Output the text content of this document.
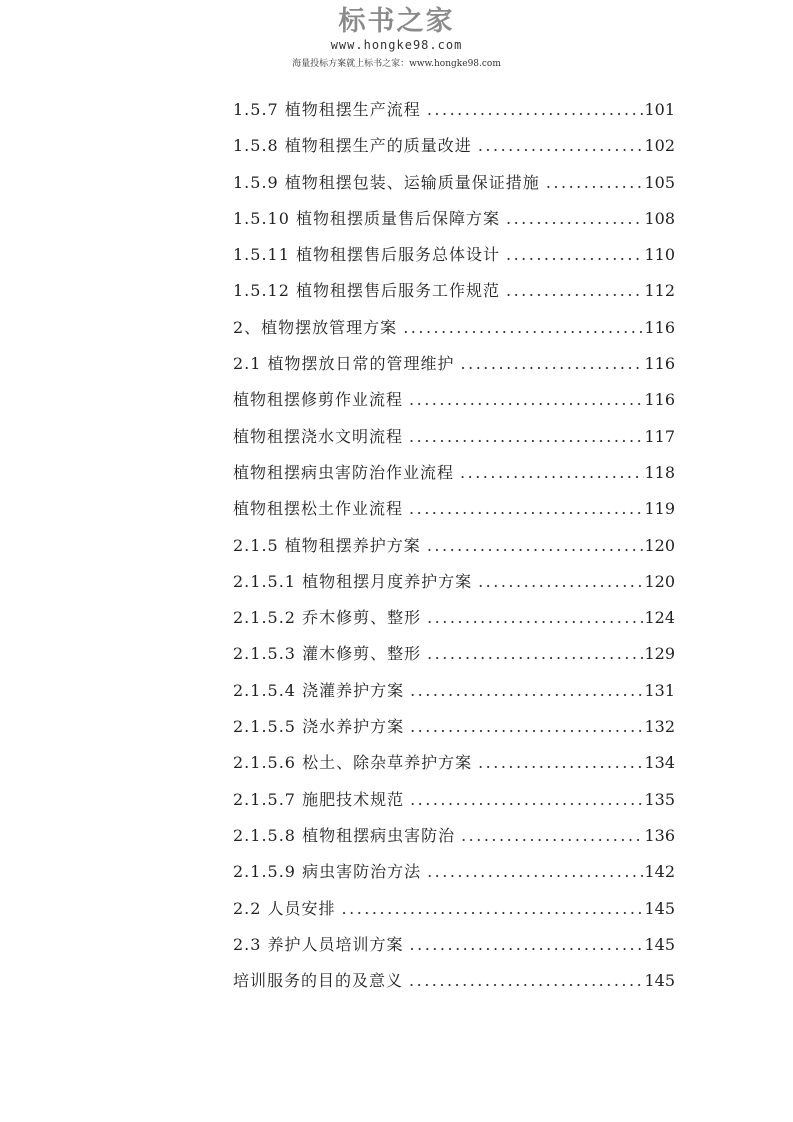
标书之家
www.hongke98.com
海量投标方案就上标书之家：www.hongke98.com
1.5.7 植物租摆生产流程 .....	101
1.5.8 植物租摆生产的质量改进 .....	102
1.5.9 植物租摆包装、运输质量保证措施 .....	105
1.5.10 植物租摆质量售后保障方案 .....	108
1.5.11 植物租摆售后服务总体设计 .....	110
1.5.12 植物租摆售后服务工作规范 .....	112
2、植物摆放管理方案 .....	116
2.1 植物摆放日常的管理维护 .....	116
植物租摆修剪作业流程 .....	116
植物租摆浇水文明流程 .....	117
植物租摆病虫害防治作业流程 .....	118
植物租摆松土作业流程 .....	119
2.1.5 植物租摆养护方案 .....	120
2.1.5.1 植物租摆月度养护方案 .....	120
2.1.5.2 乔木修剪、整形 .....	124
2.1.5.3 灌木修剪、整形 .....	129
2.1.5.4 浇灌养护方案 .....	131
2.1.5.5 浇水养护方案 .....	132
2.1.5.6 松土、除杂草养护方案 .....	134
2.1.5.7 施肥技术规范 .....	135
2.1.5.8 植物租摆病虫害防治 .....	136
2.1.5.9 病虫害防治方法 .....	142
2.2 人员安排 .....	145
2.3 养护人员培训方案 .....	145
培训服务的目的及意义 .....	145
